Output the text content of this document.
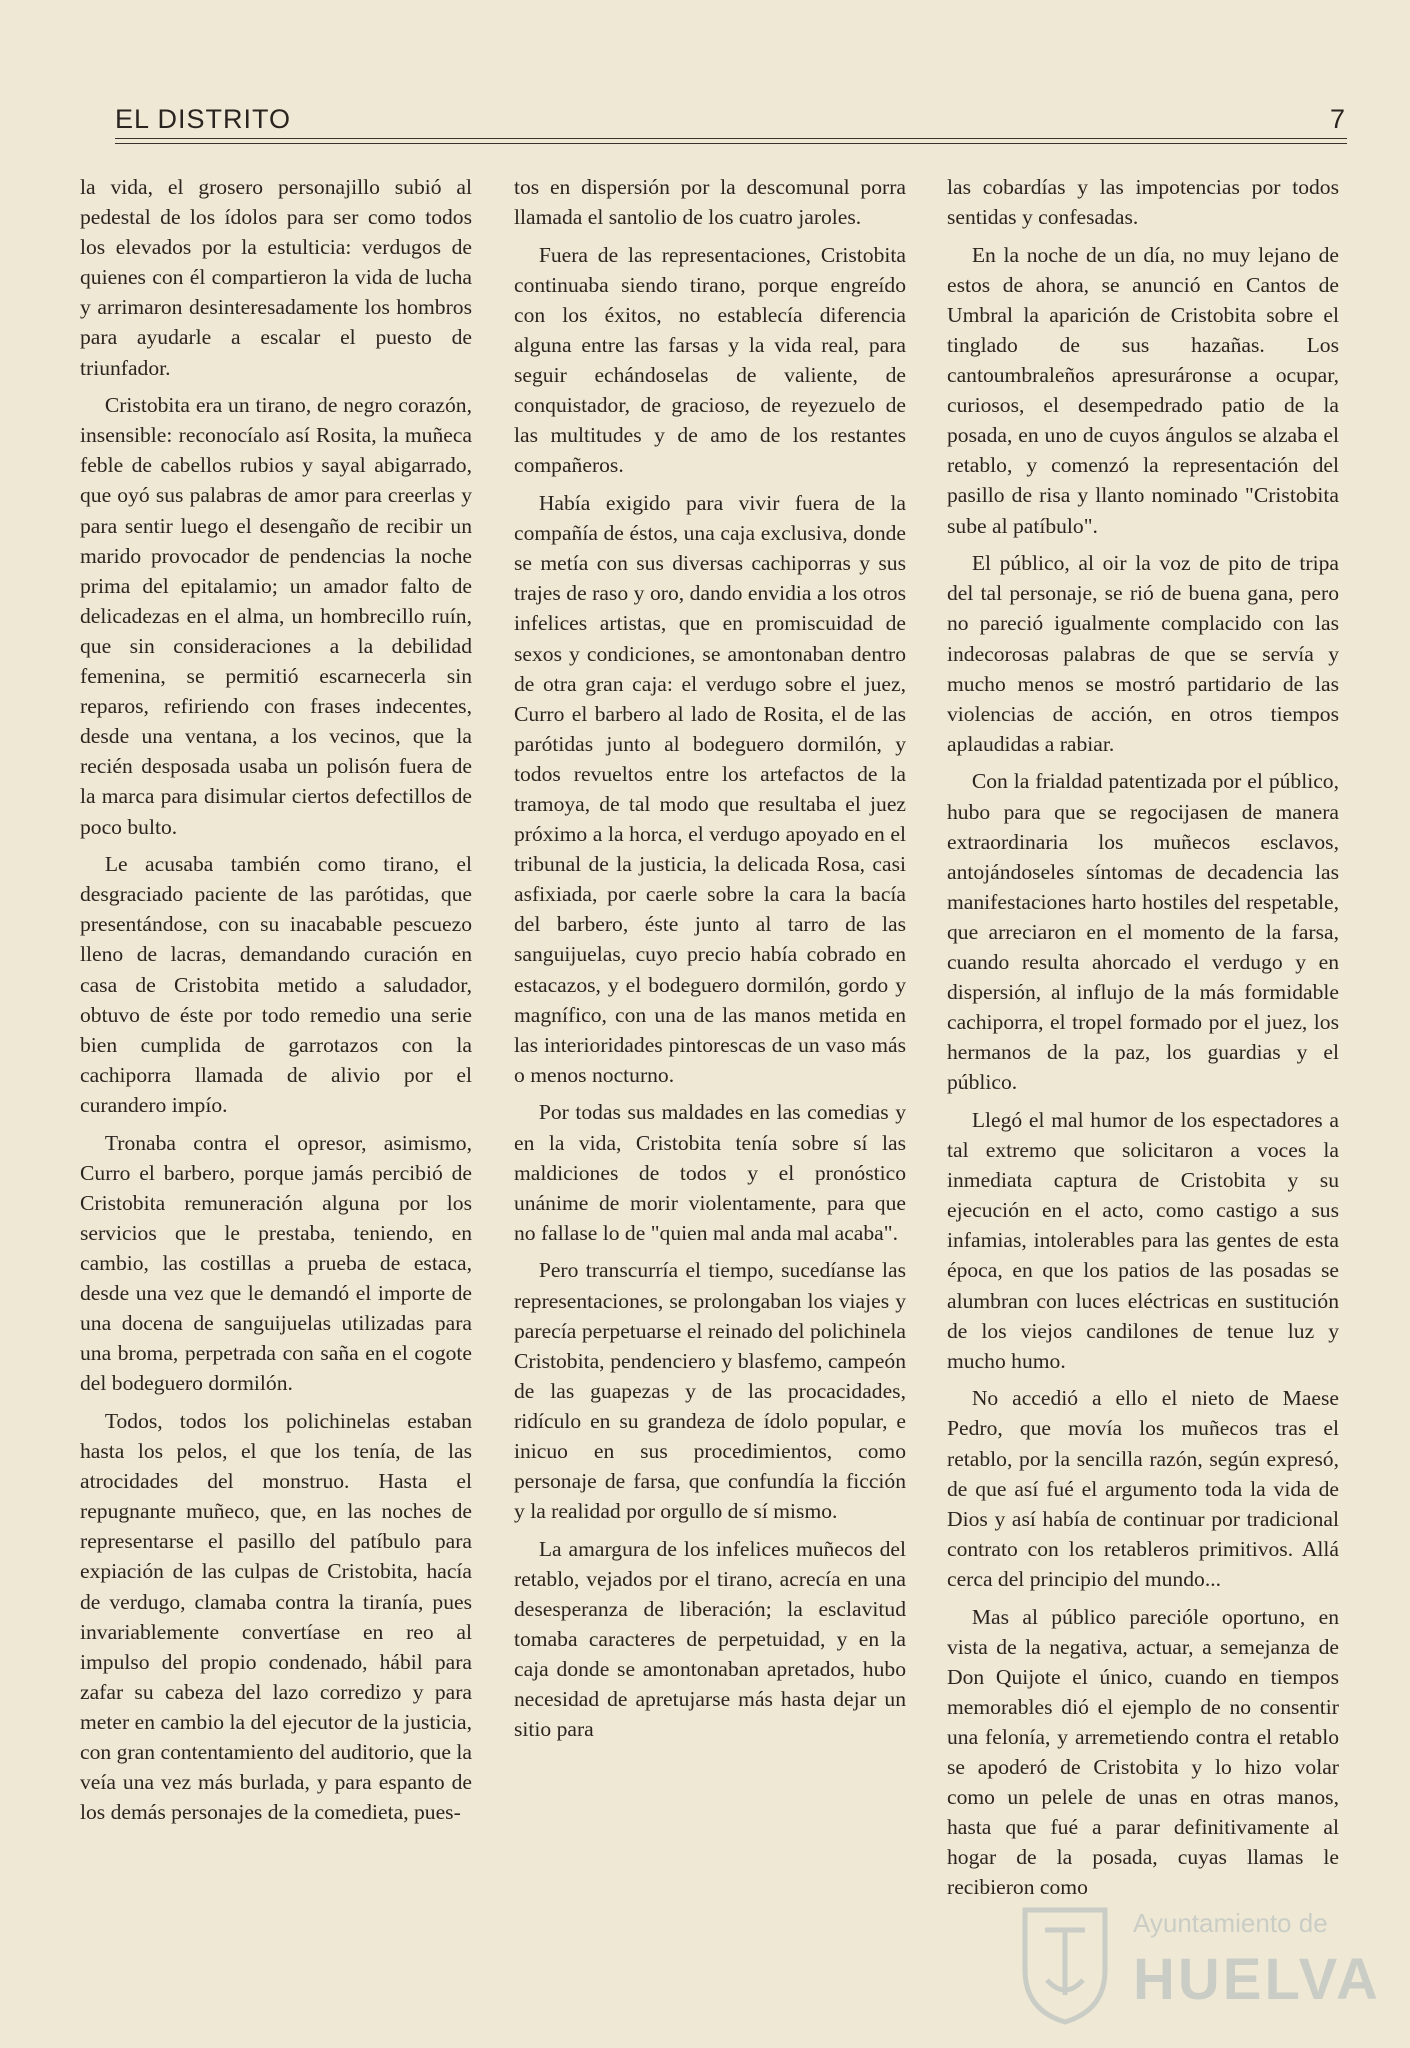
EL DISTRITO	7

la vida, el grosero personajillo subió al pedestal de los ídolos para ser como todos los elevados por la estulticia: verdugos de quienes con él compartieron la vida de lucha y arrimaron desinteresadamente los hombros para ayudarle a escalar el puesto de triunfador.

Cristobita era un tirano, de negro corazón, insensible: reconocíalo así Rosita, la muñeca feble de cabellos rubios y sayal abigarrado, que oyó sus palabras de amor para creerlas y para sentir luego el desengaño de recibir un marido provocador de pendencias la noche prima del epitalamio; un amador falto de delicadezas en el alma, un hombrecillo ruín, que sin consideraciones a la debilidad femenina, se permitió escarnecerla sin reparos, refiriendo con frases indecentes, desde una ventana, a los vecinos, que la recién desposada usaba un polisón fuera de la marca para disimular ciertos defectillos de poco bulto.

Le acusaba también como tirano, el desgraciado paciente de las parótidas, que presentándose, con su inacabable pescuezo lleno de lacras, demandando curación en casa de Cristobita metido a saludador, obtuvo de éste por todo remedio una serie bien cumplida de garrotazos con la cachiporra llamada de alivio por el curandero impío.

Tronaba contra el opresor, asimismo, Curro el barbero, porque jamás percibió de Cristobita remuneración alguna por los servicios que le prestaba, teniendo, en cambio, las costillas a prueba de estaca, desde una vez que le demandó el importe de una docena de sanguijuelas utilizadas para una broma, perpetrada con saña en el cogote del bodeguero dormilón.

Todos, todos los polichinelas estaban hasta los pelos, el que los tenía, de las atrocidades del monstruo. Hasta el repugnante muñeco, que, en las noches de representarse el pasillo del patíbulo para expiación de las culpas de Cristobita, hacía de verdugo, clamaba contra la tiranía, pues invariablemente convertíase en reo al impulso del propio condenado, hábil para zafar su cabeza del lazo corredizo y para meter en cambio la del ejecutor de la justicia, con gran contentamiento del auditorio, que la veía una vez más burlada, y para espanto de los demás personajes de la comedieta, pues-

tos en dispersión por la descomunal porra llamada el santolio de los cuatro jaroles.

Fuera de las representaciones, Cristobita continuaba siendo tirano, porque engreído con los éxitos, no establecía diferencia alguna entre las farsas y la vida real, para seguir echándoselas de valiente, de conquistador, de gracioso, de reyezuelo de las multitudes y de amo de los restantes compañeros.

Había exigido para vivir fuera de la compañía de éstos, una caja exclusiva, donde se metía con sus diversas cachiporras y sus trajes de raso y oro, dando envidia a los otros infelices artistas, que en promiscuidad de sexos y condiciones, se amontonaban dentro de otra gran caja: el verdugo sobre el juez, Curro el barbero al lado de Rosita, el de las parótidas junto al bodeguero dormilón, y todos revueltos entre los artefactos de la tramoya, de tal modo que resultaba el juez próximo a la horca, el verdugo apoyado en el tribunal de la justicia, la delicada Rosa, casi asfixiada, por caerle sobre la cara la bacía del barbero, éste junto al tarro de las sanguijuelas, cuyo precio había cobrado en estacazos, y el bodeguero dormilón, gordo y magnífico, con una de las manos metida en las interioridades pintorescas de un vaso más o menos nocturno.

Por todas sus maldades en las comedias y en la vida, Cristobita tenía sobre sí las maldiciones de todos y el pronóstico unánime de morir violentamente, para que no fallase lo de "quien mal anda mal acaba".

Pero transcurría el tiempo, sucedíanse las representaciones, se prolongaban los viajes y parecía perpetuarse el reinado del polichinela Cristobita, pendenciero y blasfemo, campeón de las guapezas y de las procacidades, ridículo en su grandeza de ídolo popular, e inicuo en sus procedimientos, como personaje de farsa, que confundía la ficción y la realidad por orgullo de sí mismo.

La amargura de los infelices muñecos del retablo, vejados por el tirano, acrecía en una desesperanza de liberación; la esclavitud tomaba caracteres de perpetuidad, y en la caja donde se amontonaban apretados, hubo necesidad de apretujarse más hasta dejar un sitio para

las cobardías y las impotencias por todos sentidas y confesadas.

En la noche de un día, no muy lejano de estos de ahora, se anunció en Cantos de Umbral la aparición de Cristobita sobre el tinglado de sus hazañas. Los cantoumbraleños apresuráronse a ocupar, curiosos, el desempedrado patio de la posada, en uno de cuyos ángulos se alzaba el retablo, y comenzó la representación del pasillo de risa y llanto nominado "Cristobita sube al patíbulo".

El público, al oir la voz de pito de tripa del tal personaje, se rió de buena gana, pero no pareció igualmente complacido con las indecorosas palabras de que se servía y mucho menos se mostró partidario de las violencias de acción, en otros tiempos aplaudidas a rabiar.

Con la frialdad patentizada por el público, hubo para que se regocijasen de manera extraordinaria los muñecos esclavos, antojándoseles síntomas de decadencia las manifestaciones harto hostiles del respetable, que arreciaron en el momento de la farsa, cuando resulta ahorcado el verdugo y en dispersión, al influjo de la más formidable cachiporra, el tropel formado por el juez, los hermanos de la paz, los guardias y el público.

Llegó el mal humor de los espectadores a tal extremo que solicitaron a voces la inmediata captura de Cristobita y su ejecución en el acto, como castigo a sus infamias, intolerables para las gentes de esta época, en que los patios de las posadas se alumbran con luces eléctricas en sustitución de los viejos candilones de tenue luz y mucho humo.

No accedió a ello el nieto de Maese Pedro, que movía los muñecos tras el retablo, por la sencilla razón, según expresó, de que así fué el argumento toda la vida de Dios y así había de continuar por tradicional contrato con los retableros primitivos. Allá cerca del principio del mundo...

Mas al público parecióle oportuno, en vista de la negativa, actuar, a semejanza de Don Quijote el único, cuando en tiempos memorables dió el ejemplo de no consentir una felonía, y arremetiendo contra el retablo se apoderó de Cristobita y lo hizo volar como un pelele de unas en otras manos, hasta que fué a parar definitivamente al hogar de la posada, cuyas llamas le recibieron como

Ayuntamiento de
HUELVA
